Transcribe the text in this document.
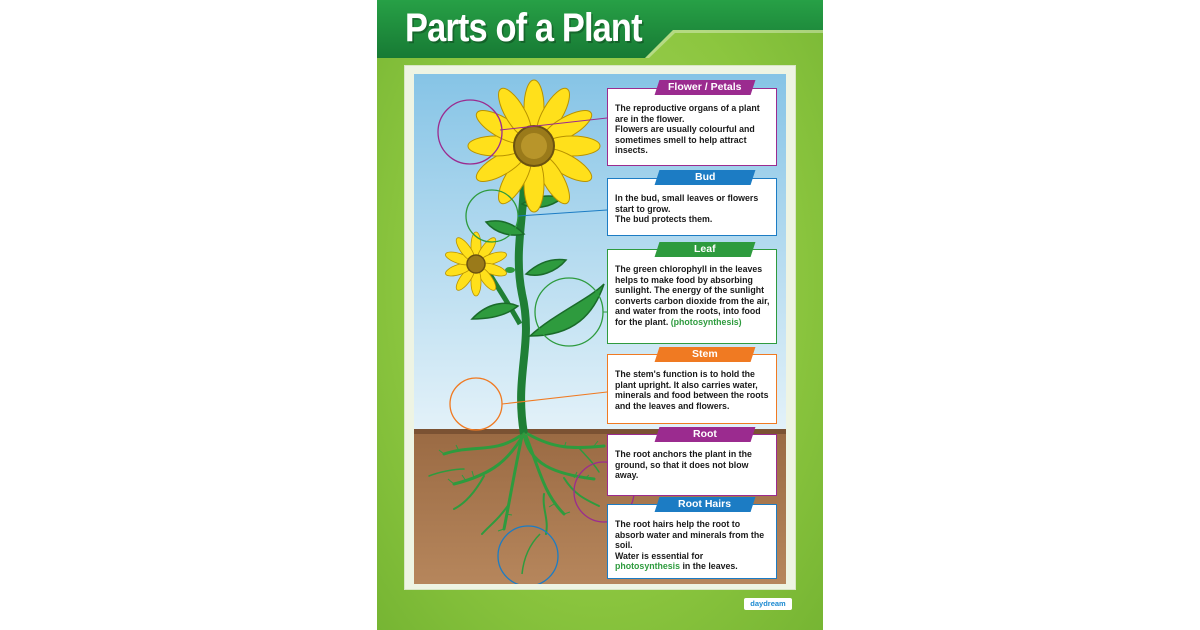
Parts of a Plant
The reproductive organs of a plant are in the flower.
Flowers are usually colourful and sometimes smell to help attract insects.
Flower / Petals
In the bud, small leaves or flowers start to grow.
The bud protects them.
Bud
The green chlorophyll in the leaves helps to make food by absorbing sunlight. The energy of the sunlight converts carbon dioxide from the air, and water from the roots, into food for the plant. (photosynthesis)
Leaf
The stem's function is to hold the plant upright. It also carries water, minerals and food between the roots and the leaves and flowers.
Stem
The root anchors the plant in the ground, so that it does not blow away.
Root
The root hairs help the root to absorb water and minerals from the soil.
Water is essential for photosynthesis in the leaves.
Root Hairs
daydream
